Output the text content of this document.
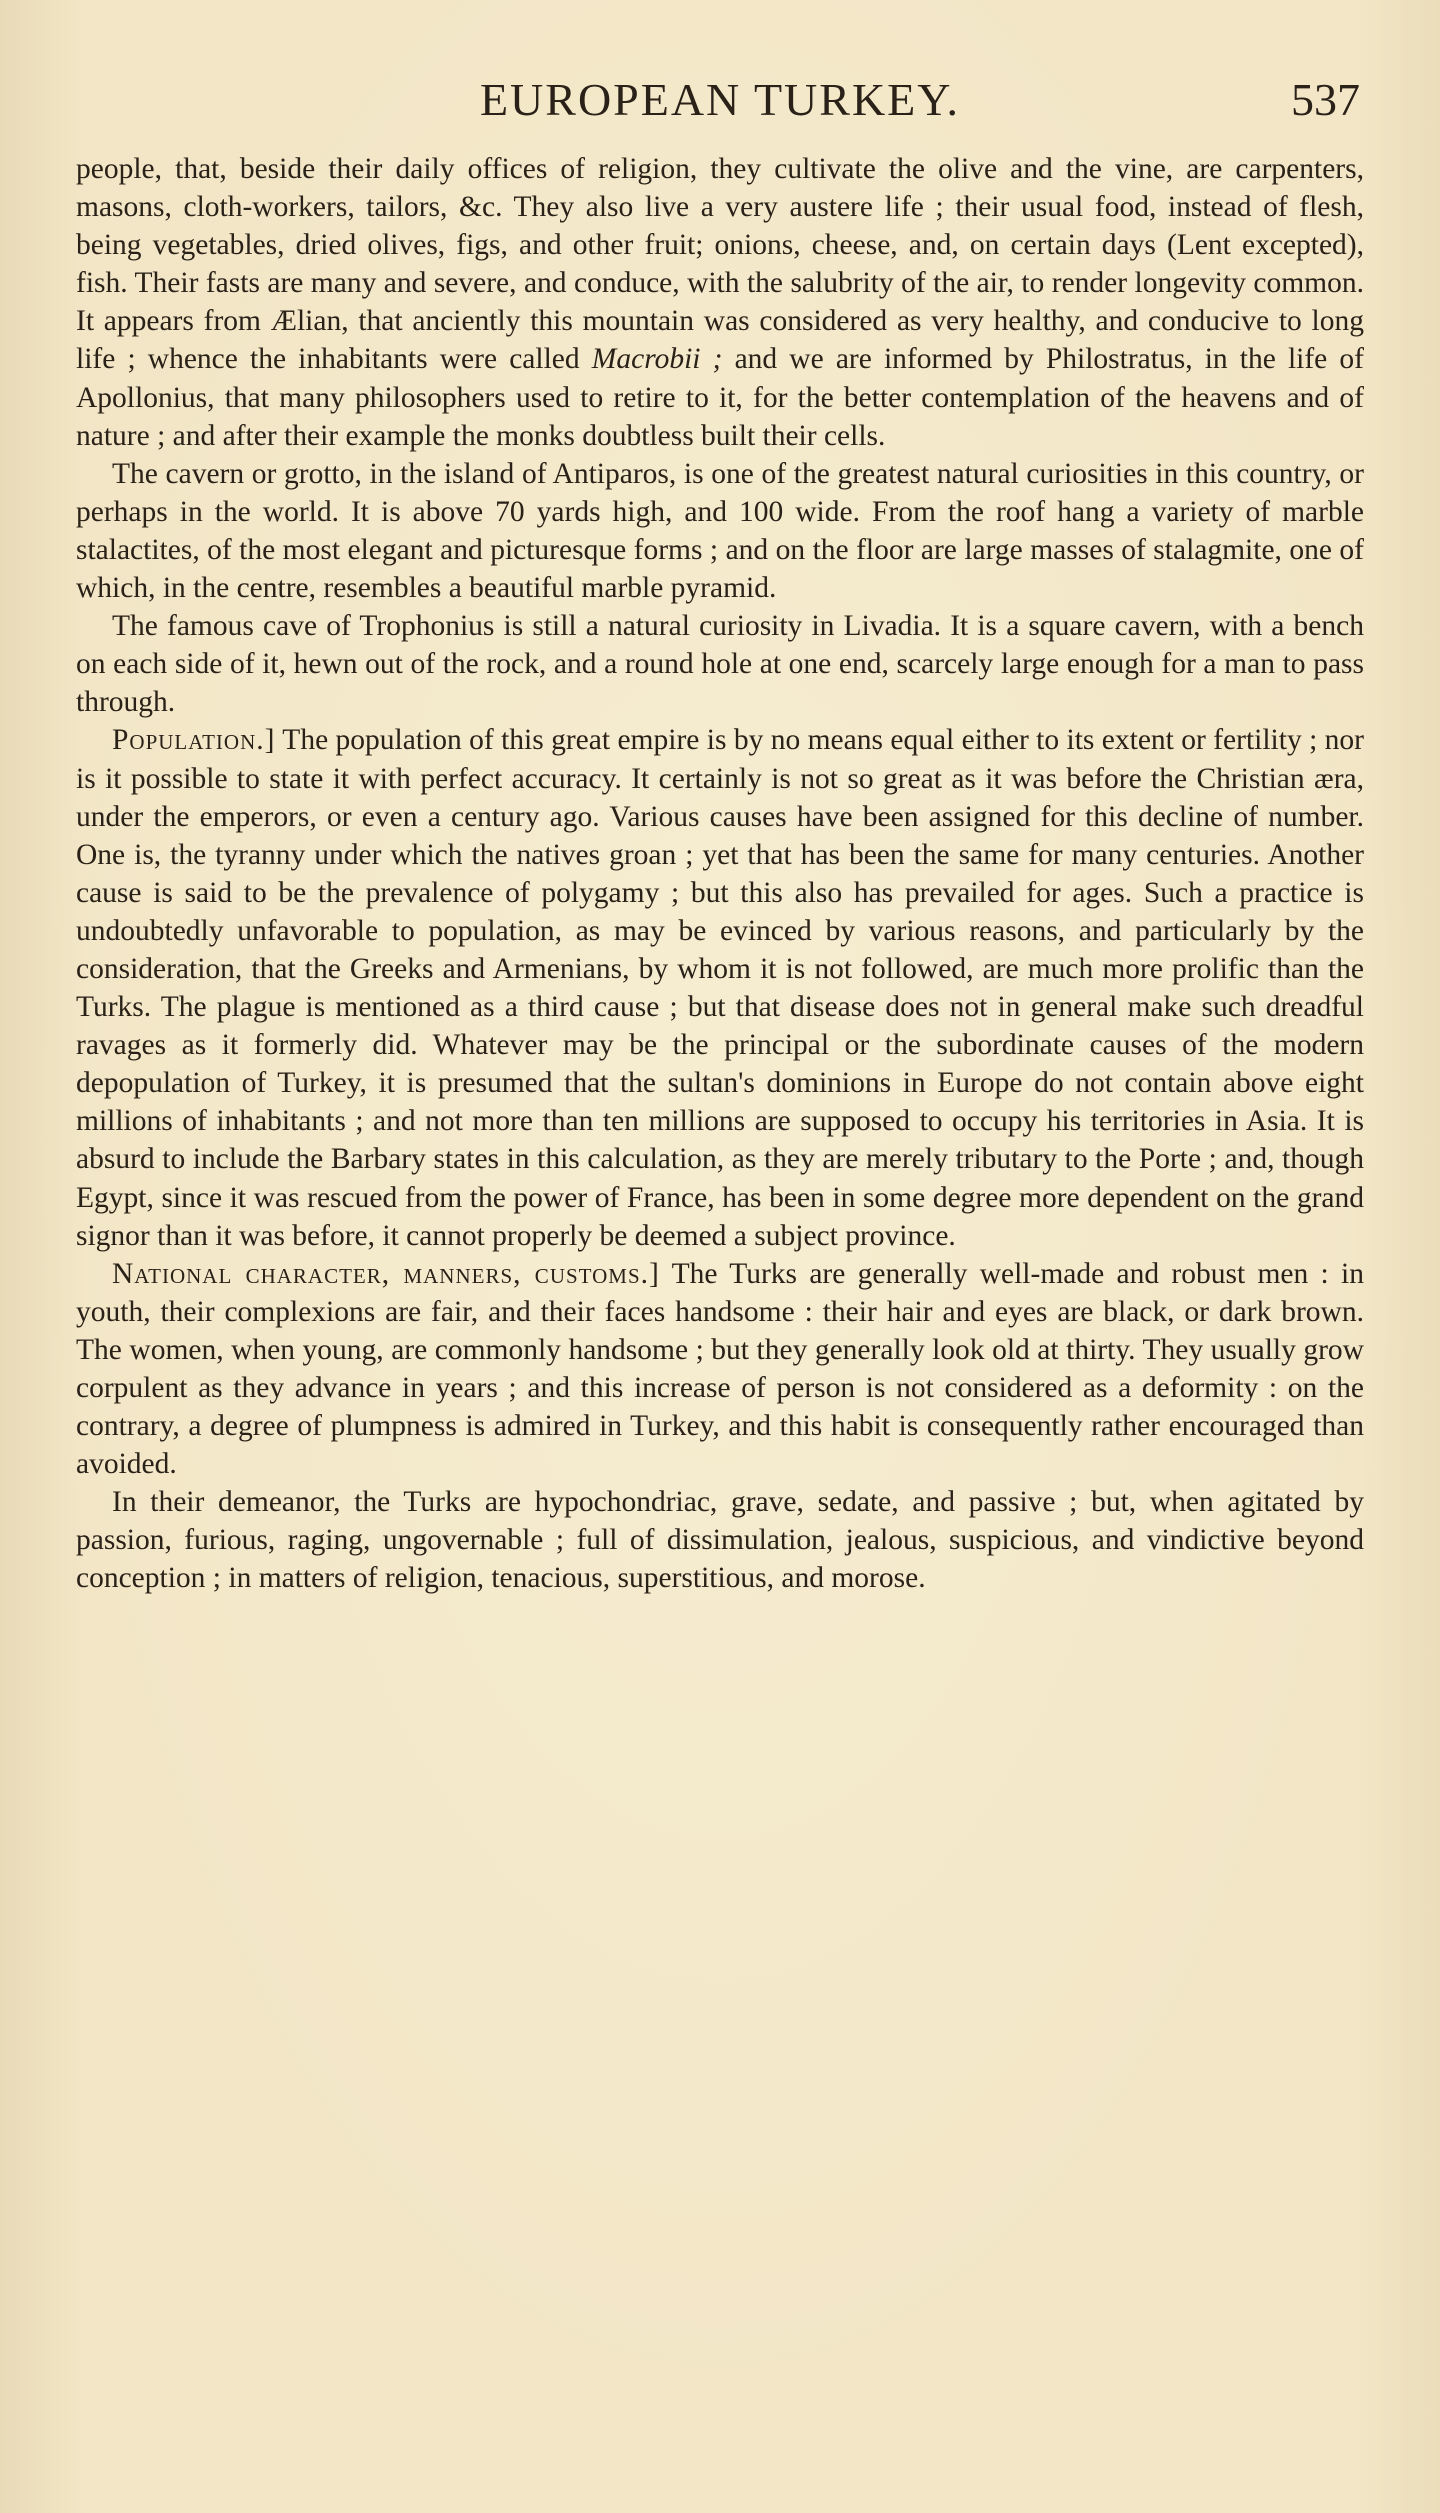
EUROPEAN TURKEY.	537

people, that, beside their daily offices of religion, they cultivate the olive and the vine, are carpenters, masons, cloth-workers, tailors, &c. They also live a very austere life ; their usual food, instead of flesh, being vegetables, dried olives, figs, and other fruit; onions, cheese, and, on certain days (Lent excepted), fish. Their fasts are many and severe, and conduce, with the salubrity of the air, to render longevity common. It appears from Ælian, that anciently this mountain was considered as very healthy, and conducive to long life ; whence the inhabitants were called Macrobii ; and we are informed by Philostratus, in the life of Apollonius, that many philosophers used to retire to it, for the better contemplation of the heavens and of nature ; and after their example the monks doubtless built their cells.

The cavern or grotto, in the island of Antiparos, is one of the greatest natural curiosities in this country, or perhaps in the world. It is above 70 yards high, and 100 wide. From the roof hang a variety of marble stalactites, of the most elegant and picturesque forms ; and on the floor are large masses of stalagmite, one of which, in the centre, resembles a beautiful marble pyramid.

The famous cave of Trophonius is still a natural curiosity in Livadia. It is a square cavern, with a bench on each side of it, hewn out of the rock, and a round hole at one end, scarcely large enough for a man to pass through.

Population.] The population of this great empire is by no means equal either to its extent or fertility ; nor is it possible to state it with perfect accuracy. It certainly is not so great as it was before the Christian æra, under the emperors, or even a century ago. Various causes have been assigned for this decline of number. One is, the tyranny under which the natives groan ; yet that has been the same for many centuries. Another cause is said to be the prevalence of polygamy ; but this also has prevailed for ages. Such a practice is undoubtedly unfavorable to population, as may be evinced by various reasons, and particularly by the consideration, that the Greeks and Armenians, by whom it is not followed, are much more prolific than the Turks. The plague is mentioned as a third cause ; but that disease does not in general make such dreadful ravages as it formerly did. Whatever may be the principal or the subordinate causes of the modern depopulation of Turkey, it is presumed that the sultan's dominions in Europe do not contain above eight millions of inhabitants ; and not more than ten millions are supposed to occupy his territories in Asia. It is absurd to include the Barbary states in this calculation, as they are merely tributary to the Porte ; and, though Egypt, since it was rescued from the power of France, has been in some degree more dependent on the grand signor than it was before, it cannot properly be deemed a subject province.

National character, manners, customs.] The Turks are generally well-made and robust men : in youth, their complexions are fair, and their faces handsome : their hair and eyes are black, or dark brown. The women, when young, are commonly handsome ; but they generally look old at thirty. They usually grow corpulent as they advance in years ; and this increase of person is not considered as a deformity : on the contrary, a degree of plumpness is admired in Turkey, and this habit is consequently rather encouraged than avoided.

In their demeanor, the Turks are hypochondriac, grave, sedate, and passive ; but, when agitated by passion, furious, raging, ungovernable ; full of dissimulation, jealous, suspicious, and vindictive beyond conception ; in matters of religion, tenacious, superstitious, and morose.
